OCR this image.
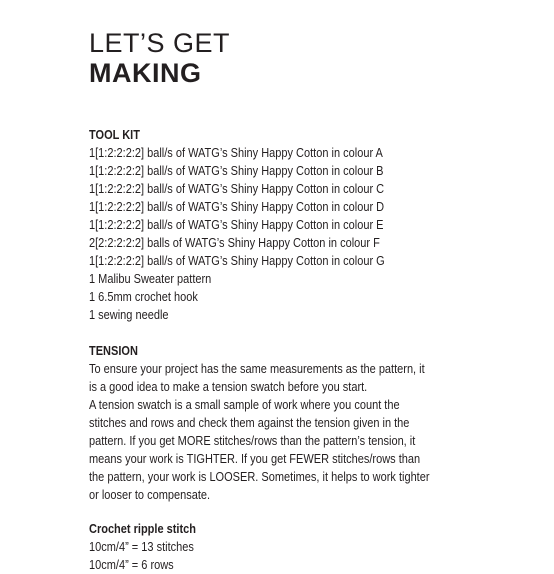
LET’S GET
MAKING
TOOL KIT
1[1:2:2:2:2] ball/s of WATG’s Shiny Happy Cotton in colour A
1[1:2:2:2:2] ball/s of WATG’s Shiny Happy Cotton in colour B
1[1:2:2:2:2] ball/s of WATG’s Shiny Happy Cotton in colour C
1[1:2:2:2:2] ball/s of WATG’s Shiny Happy Cotton in colour D
1[1:2:2:2:2] ball/s of WATG’s Shiny Happy Cotton in colour E
2[2:2:2:2:2] balls of WATG’s Shiny Happy Cotton in colour F
1[1:2:2:2:2] ball/s of WATG’s Shiny Happy Cotton in colour G
1 Malibu Sweater pattern
1 6.5mm crochet hook
1 sewing needle
TENSION

To ensure your project has the same measurements as the pattern, it

is a good idea to make a tension swatch before you start.

A tension swatch is a small sample of work where you count the

stitches and rows and check them against the tension given in the

pattern. If you get MORE stitches/rows than the pattern’s tension, it

means your work is TIGHTER. If you get FEWER stitches/rows than

the pattern, your work is LOOSER. Sometimes, it helps to work tighter

or looser to compensate.

Crochet ripple stitch

10cm/4” = 13 stitches

10cm/4” = 6 rows
